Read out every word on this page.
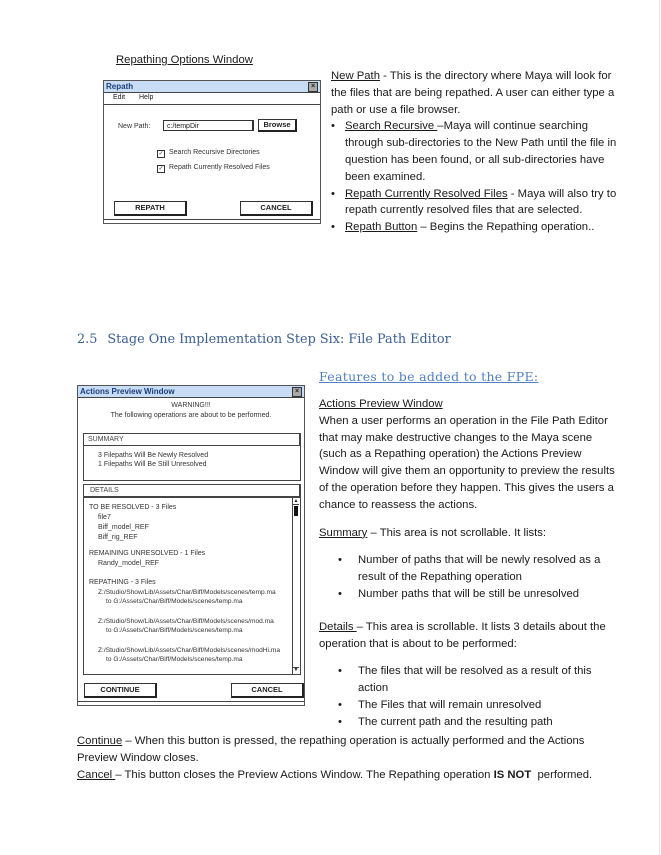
Repathing Options Window
Repath	×
Edit Help
New Path:	c:/tempDir	Browse
✓ Search Recursive Directories
✓ Repath Currently Resolved Files
REPATH	CANCEL
New Path - This is the directory where Maya will look for the files that are being repathed. A user can either type a path or use a file browser.
• Search Recursive –Maya will continue searching through sub-directories to the New Path until the file in question has been found, or all sub-directories have been examined.
• Repath Currently Resolved Files - Maya will also try to repath currently resolved files that are selected.
• Repath Button – Begins the Repathing operation..
2.5 Stage One Implementation Step Six: File Path Editor
Actions Preview Window	×
WARNING!!!
The following operations are about to be performed.
SUMMARY
3 Filepaths Will Be Newly Resolved
1 Filepaths Will Be Still Unresolved
DETAILS
TO BE RESOLVED - 3 Files
file7
Biff_model_REF
Biff_rig_REF
REMAINING UNRESOLVED - 1 Files
Randy_model_REF
REPATHING - 3 Files
Z:/Studio/Show/Lib/Assets/Char/Biff/Models/scenes/temp.ma
to G:/Assets/Char/Biff/Models/scenes/temp.ma
Z:/Studio/Show/Lib/Assets/Char/Biff/Models/scenes/mod.ma
to G:/Assets/Char/Biff/Models/scenes/temp.ma
Z:/Studio/Show/Lib/Assets/Char/Biff/Models/scenes/modHi.ma
to G:/Assets/Char/Biff/Models/scenes/temp.ma
▲
▼
CONTINUE	CANCEL
Features to be added to the FPE:
Actions Preview Window
When a user performs an operation in the File Path Editor that may make destructive changes to the Maya scene (such as a Repathing operation) the Actions Preview Window will give them an opportunity to preview the results of the operation before they happen. This gives the users a chance to reassess the actions.
Summary – This area is not scrollable. It lists:
• Number of paths that will be newly resolved as a result of the Repathing operation
• Number paths that will be still be unresolved
Details – This area is scrollable. It lists 3 details about the operation that is about to be performed:
• The files that will be resolved as a result of this action
• The Files that will remain unresolved
• The current path and the resulting path
Continue – When this button is pressed, the repathing operation is actually performed and the Actions Preview Window closes.
Cancel – This button closes the Preview Actions Window. The Repathing operation IS NOT  performed.
